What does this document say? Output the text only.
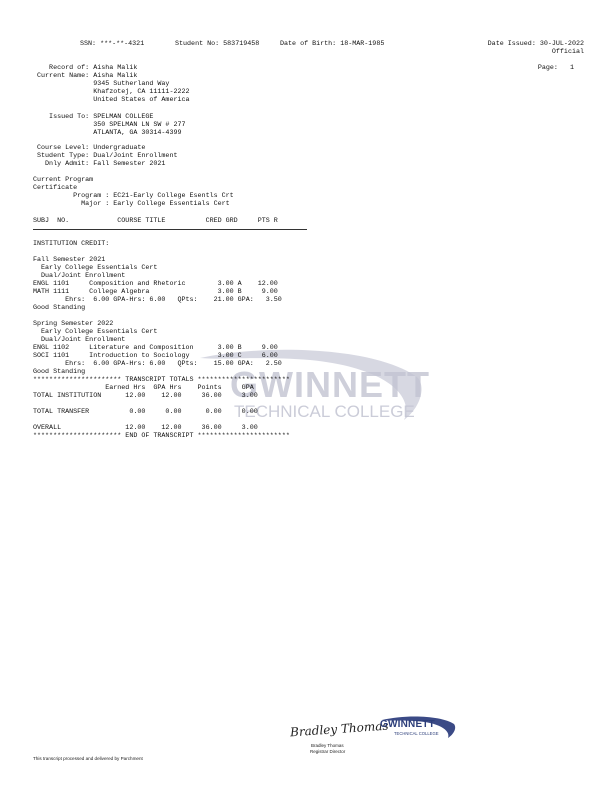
GWINNETT
TECHNICAL COLLEGE
SSN: ***-**-4321	Student No: 583719458	Date of Birth: 18-MAR-1985	Date Issued: 30-JUL-2022
Page:   1
Official
Record of: Aisha Malik
Current Name: Aisha Malik
9345 Sutherland Way
Khafzotej, CA 11111-2222
United States of America
Issued To: SPELMAN COLLEGE
350 SPELMAN LN SW # 277
ATLANTA, GA 30314-4399
Course Level: Undergraduate
Student Type: Dual/Joint Enrollment
Dnly Admit: Fall Semester 2021
Current Program
Certificate
Program : EC21-Early College Esentls Crt
Major : Early College Essentials Cert
SUBJ  NO.            COURSE TITLE          CRED GRD     PTS R
INSTITUTION CREDIT:
Fall Semester 2021
Early College Essentials Cert
Dual/Joint Enrollment
ENGL 1101     Composition and Rhetoric        3.00 A    12.00
MATH 1111     College Algebra                 3.00 B     9.00
Ehrs:  6.00 GPA-Hrs: 6.00   QPts:    21.00 GPA:   3.50
Good Standing
Spring Semester 2022
Early College Essentials Cert
Dual/Joint Enrollment
ENGL 1102     Literature and Composition      3.00 B     9.00
SOCI 1101     Introduction to Sociology       3.00 C     6.00
Ehrs:  6.00 GPA-Hrs: 6.00   QPts:    15.00 GPA:   2.50
Good Standing
********************** TRANSCRIPT TOTALS ***********************
Earned Hrs  GPA Hrs    Points     GPA
TOTAL INSTITUTION      12.00    12.00     36.00     3.00
TOTAL TRANSFER          0.00     0.00      0.00     0.00
OVERALL                12.00    12.00     36.00     3.00
********************** END OF TRANSCRIPT ***********************
Bradley Thomas
Bradley Thomas
Registrar Director
GWINNETT
TECHNICAL COLLEGE
This transcript processed and delivered by Parchment
